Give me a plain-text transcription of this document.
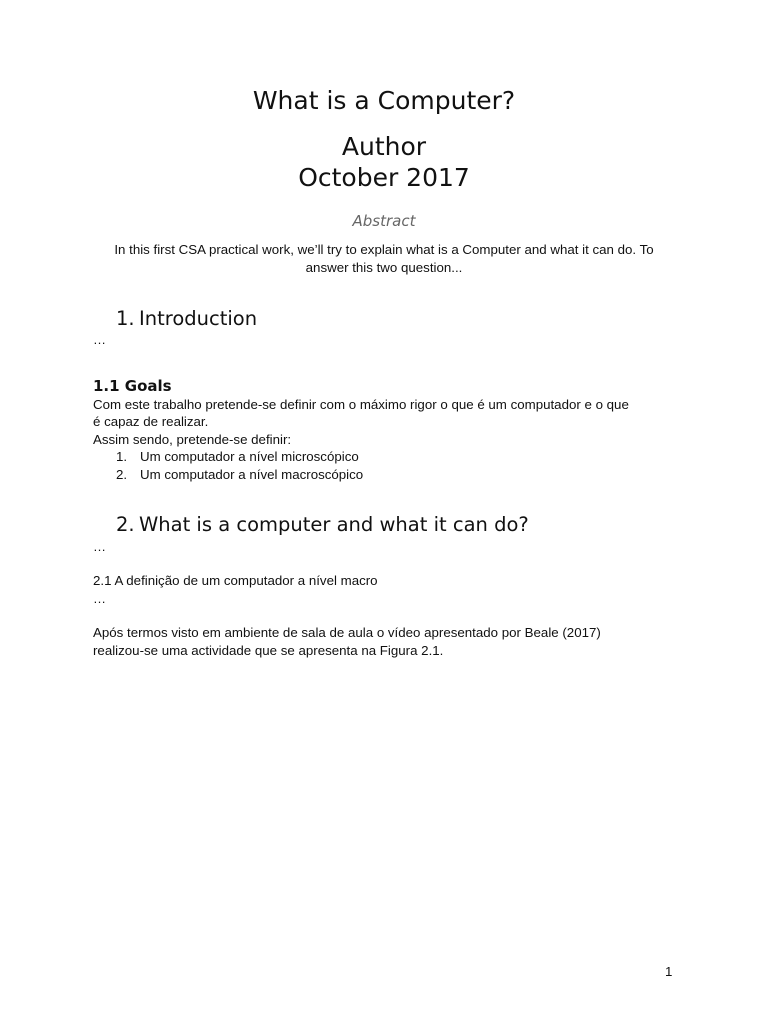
What is a Computer?
Author
October 2017
Abstract
In this first CSA practical work, we’ll try to explain what is a Computer and what it can do. To answer this two question...
1. Introduction
…
1.1 Goals
Com este trabalho pretende-se definir com o máximo rigor o que é um computador e o que
é capaz de realizar.
Assim sendo, pretende-se definir:
1. Um computador a nível microscópico
2. Um computador a nível macroscópico
2. What is a computer and what it can do?
…
2.1 A definição de um computador a nível macro
…
Após termos visto em ambiente de sala de aula o vídeo apresentado por Beale (2017)
realizou-se uma actividade que se apresenta na Figura 2.1.
1
